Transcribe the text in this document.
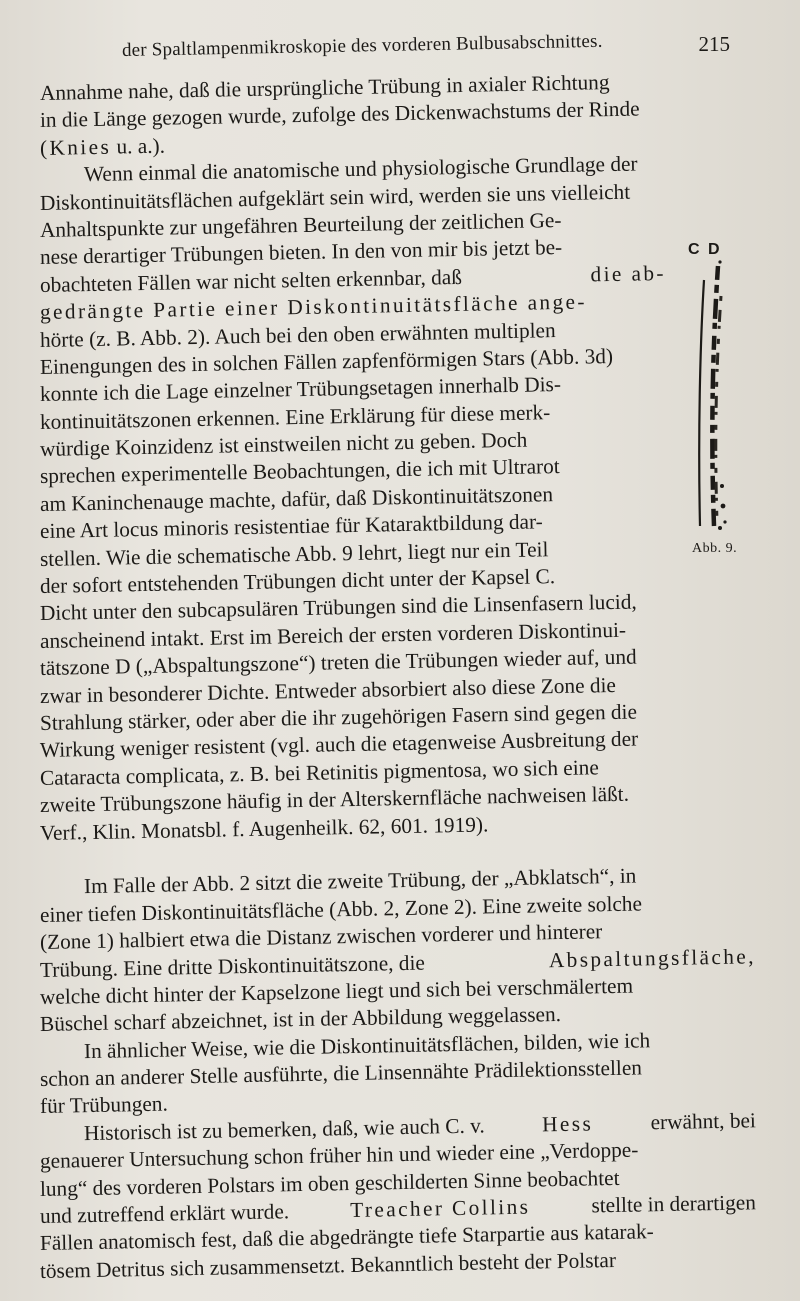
der Spaltlampenmikroskopie des vorderen Bulbusabschnittes.	215
Annahme nahe, daß die ursprüngliche Trübung in axialer Richtung
in die Länge gezogen wurde, zufolge des Dickenwachstums der Rinde
(Knies u. a.).
Wenn einmal die anatomische und physiologische Grundlage der
Diskontinuitätsflächen aufgeklärt sein wird, werden sie uns vielleicht
Anhaltspunkte zur ungefähren Beurteilung der zeitlichen Ge-
nese derartiger Trübungen bieten. In den von mir bis jetzt be-
obachteten Fällen war nicht selten erkennbar, daß	die ab-
gedrängte Partie einer Diskontinuitätsfläche ange-
hörte (z. B. Abb. 2). Auch bei den oben erwähnten multiplen
Einengungen des in solchen Fällen zapfenförmigen Stars (Abb. 3d)
konnte ich die Lage einzelner Trübungsetagen innerhalb Dis-
kontinuitätszonen erkennen. Eine Erklärung für diese merk-
würdige Koinzidenz ist einstweilen nicht zu geben. Doch
sprechen experimentelle Beobachtungen, die ich mit Ultrarot
am Kaninchenauge machte, dafür, daß Diskontinuitätszonen
eine Art locus minoris resistentiae für Kataraktbildung dar-
stellen. Wie die schematische Abb. 9 lehrt, liegt nur ein Teil
der sofort entstehenden Trübungen dicht unter der Kapsel C.
Dicht unter den subcapsulären Trübungen sind die Linsenfasern lucid,
anscheinend intakt. Erst im Bereich der ersten vorderen Diskontinui-
tätszone D („Abspaltungszone“) treten die Trübungen wieder auf, und
zwar in besonderer Dichte. Entweder absorbiert also diese Zone die
Strahlung stärker, oder aber die ihr zugehörigen Fasern sind gegen die
Wirkung weniger resistent (vgl. auch die etagenweise Ausbreitung der
Cataracta complicata, z. B. bei Retinitis pigmentosa, wo sich eine
zweite Trübungszone häufig in der Alterskernfläche nachweisen läßt.
Verf., Klin. Monatsbl. f. Augenheilk. 62, 601. 1919).
Im Falle der Abb. 2 sitzt die zweite Trübung, der „Abklatsch“, in
einer tiefen Diskontinuitätsfläche (Abb. 2, Zone 2). Eine zweite solche
(Zone 1) halbiert etwa die Distanz zwischen vorderer und hinterer
Trübung. Eine dritte Diskontinuitätszone, die	Abspaltungsfläche,
welche dicht hinter der Kapselzone liegt und sich bei verschmälertem
Büschel scharf abzeichnet, ist in der Abbildung weggelassen.
In ähnlicher Weise, wie die Diskontinuitätsflächen, bilden, wie ich
schon an anderer Stelle ausführte, die Linsennähte Prädilektionsstellen
für Trübungen.
Historisch ist zu bemerken, daß, wie auch C. v.	Hess	erwähnt, bei
genauerer Untersuchung schon früher hin und wieder eine „Verdoppe-
lung“ des vorderen Polstars im oben geschilderten Sinne beobachtet
und zutreffend erklärt wurde.	Treacher Collins	stellte in derartigen
Fällen anatomisch fest, daß die abgedrängte tiefe Starpartie aus katarak-
tösem Detritus sich zusammensetzt. Bekanntlich besteht der Polstar
C D
Abb. 9.
